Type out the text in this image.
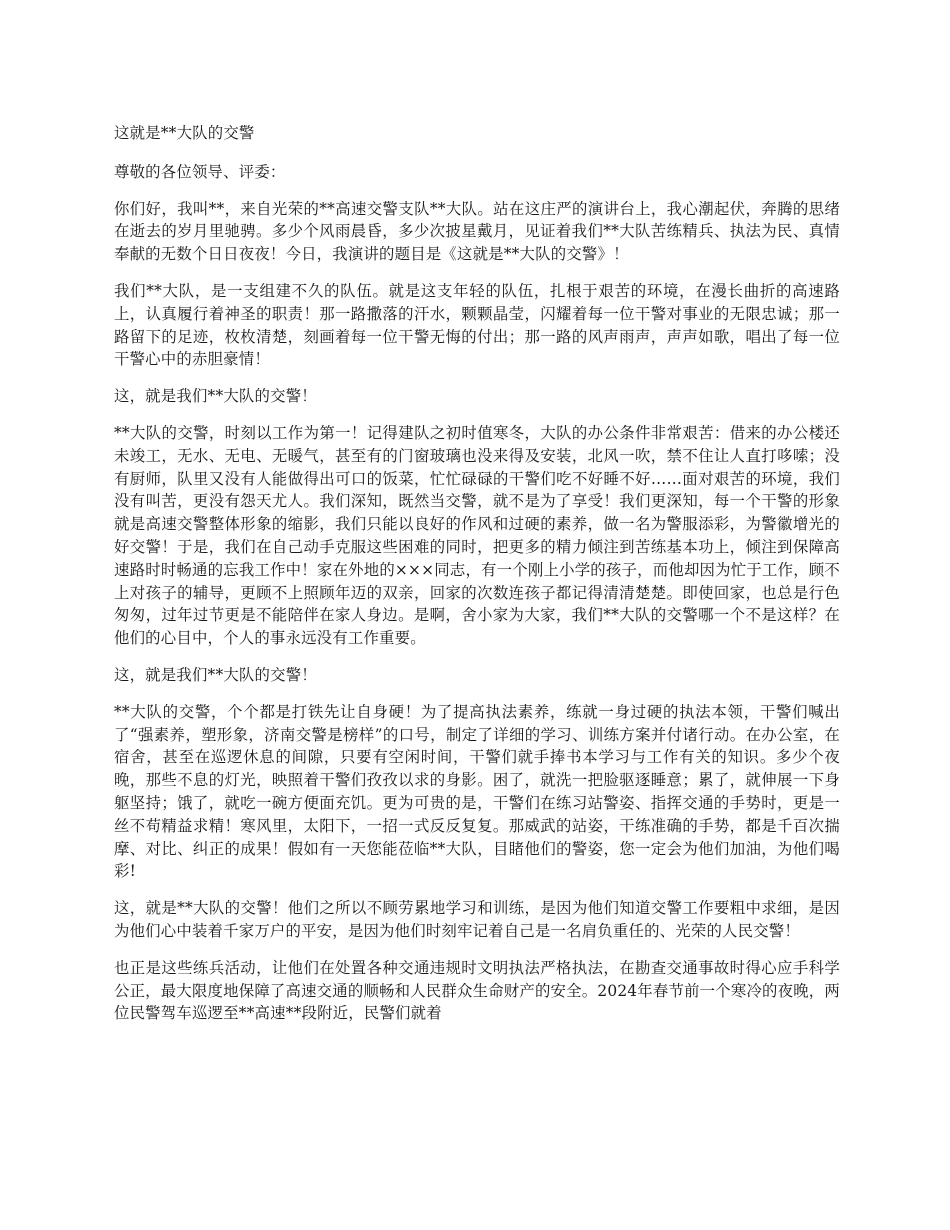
这就是**大队的交警

尊敬的各位领导、评委：

你们好，我叫**，来自光荣的**高速交警支队**大队。站在这庄严的演讲台上，我心潮起伏，奔腾的思绪在逝去的岁月里驰骋。多少个风雨晨昏，多少次披星戴月，见证着我们**大队苦练精兵、执法为民、真情奉献的无数个日日夜夜！今日，我演讲的题目是《这就是**大队的交警》！

我们**大队，是一支组建不久的队伍。就是这支年轻的队伍，扎根于艰苦的环境，在漫长曲折的高速路上，认真履行着神圣的职责！那一路撒落的汗水，颗颗晶莹，闪耀着每一位干警对事业的无限忠诚；那一路留下的足迹，枚枚清楚，刻画着每一位干警无悔的付出；那一路的风声雨声，声声如歌，唱出了每一位干警心中的赤胆豪情！

这，就是我们**大队的交警！

**大队的交警，时刻以工作为第一！记得建队之初时值寒冬，大队的办公条件非常艰苦：借来的办公楼还未竣工，无水、无电、无暖气，甚至有的门窗玻璃也没来得及安装，北风一吹，禁不住让人直打哆嗦；没有厨师，队里又没有人能做得出可口的饭菜，忙忙碌碌的干警们吃不好睡不好……面对艰苦的环境，我们没有叫苦，更没有怨天尤人。我们深知，既然当交警，就不是为了享受！我们更深知，每一个干警的形象就是高速交警整体形象的缩影，我们只能以良好的作风和过硬的素养，做一名为警服添彩，为警徽增光的好交警！于是，我们在自己动手克服这些困难的同时，把更多的精力倾注到苦练基本功上，倾注到保障高速路时时畅通的忘我工作中！家在外地的×××同志，有一个刚上小学的孩子，而他却因为忙于工作，顾不上对孩子的辅导，更顾不上照顾年迈的双亲，回家的次数连孩子都记得清清楚楚。即使回家，也总是行色匆匆，过年过节更是不能陪伴在家人身边。是啊，舍小家为大家，我们**大队的交警哪一个不是这样？在他们的心目中，个人的事永远没有工作重要。

这，就是我们**大队的交警！

**大队的交警，个个都是打铁先让自身硬！为了提高执法素养，练就一身过硬的执法本领，干警们喊出了“强素养，塑形象，济南交警是榜样”的口号，制定了详细的学习、训练方案并付诸行动。在办公室，在宿舍，甚至在巡逻休息的间隙，只要有空闲时间，干警们就手捧书本学习与工作有关的知识。多少个夜晚，那些不息的灯光，映照着干警们孜孜以求的身影。困了，就洗一把脸驱逐睡意；累了，就伸展一下身躯坚持；饿了，就吃一碗方便面充饥。更为可贵的是，干警们在练习站警姿、指挥交通的手势时，更是一丝不苟精益求精！寒风里，太阳下，一招一式反反复复。那威武的站姿，干练准确的手势，都是千百次揣摩、对比、纠正的成果！假如有一天您能莅临**大队，目睹他们的警姿，您一定会为他们加油，为他们喝彩!

这，就是**大队的交警！他们之所以不顾劳累地学习和训练，是因为他们知道交警工作要粗中求细，是因为他们心中装着千家万户的平安，是因为他们时刻牢记着自己是一名肩负重任的、光荣的人民交警！

也正是这些练兵活动，让他们在处置各种交通违规时文明执法严格执法，在勘查交通事故时得心应手科学公正，最大限度地保障了高速交通的顺畅和人民群众生命财产的安全。2024年春节前一个寒冷的夜晚，两位民警驾车巡逻至**高速**段附近，民警们就着
